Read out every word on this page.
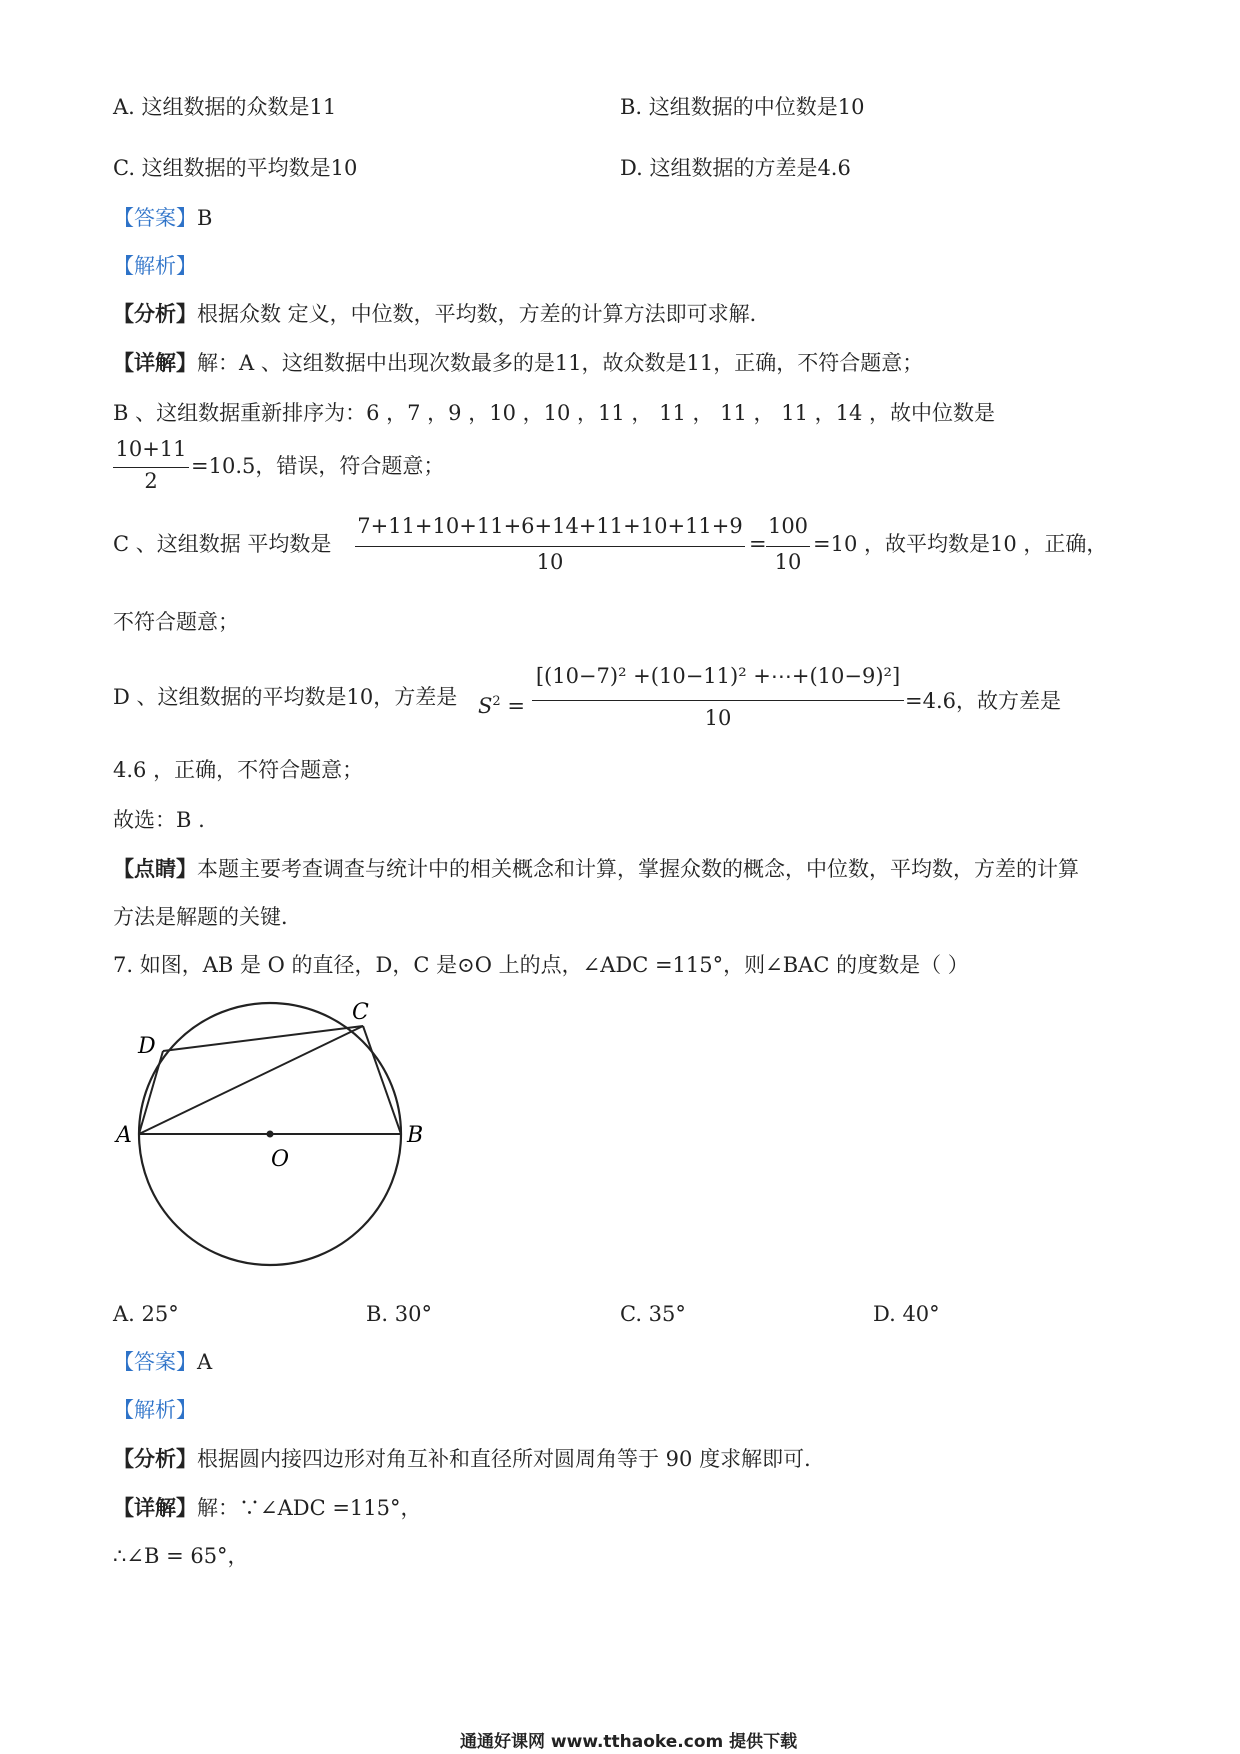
A. 这组数据的众数是11	B. 这组数据的中位数是10
C. 这组数据的平均数是10	D. 这组数据的方差是4.6
【答案】B
【解析】
【分析】根据众数 定义，中位数，平均数，方差的计算方法即可求解．
【详解】解：A 、这组数据中出现次数最多的是11，故众数是11，正确，不符合题意；
B 、这组数据重新排序为：6 ，7 ，9 ，10 ，10 ，11 ， 11 ， 11 ， 11 ，14 ，故中位数是
10+11
2
=10.5，错误，符合题意；
C 、这组数据 平均数是
7+11+10+11+6+14+11+10+11+9
10
=
100
10
=10 ，故平均数是10 ，正确，
不符合题意；
D 、这组数据的平均数是10，方差是 $S^2$ =
[(10−7)² +(10−11)² +⋯+(10−9)²]
10
=4.6，故方差是
4.6 ，正确，不符合题意；
故选：B .
【点睛】本题主要考查调查与统计中的相关概念和计算，掌握众数的概念，中位数，平均数，方差的计算
方法是解题的关键．
7. 如图，AB 是 O 的直径，D，C 是⊙O 上的点，∠ADC =115°，则∠BAC 的度数是（ ）
A	B
C
D
O
A. 25°	B. 30°	C. 35°	D. 40°
【答案】A
【解析】
【分析】根据圆内接四边形对角互补和直径所对圆周角等于 90 度求解即可．
【详解】解：∵∠ADC =115°，
∴∠B = 65°，
通通好课网 www.tthaoke.com 提供下载
